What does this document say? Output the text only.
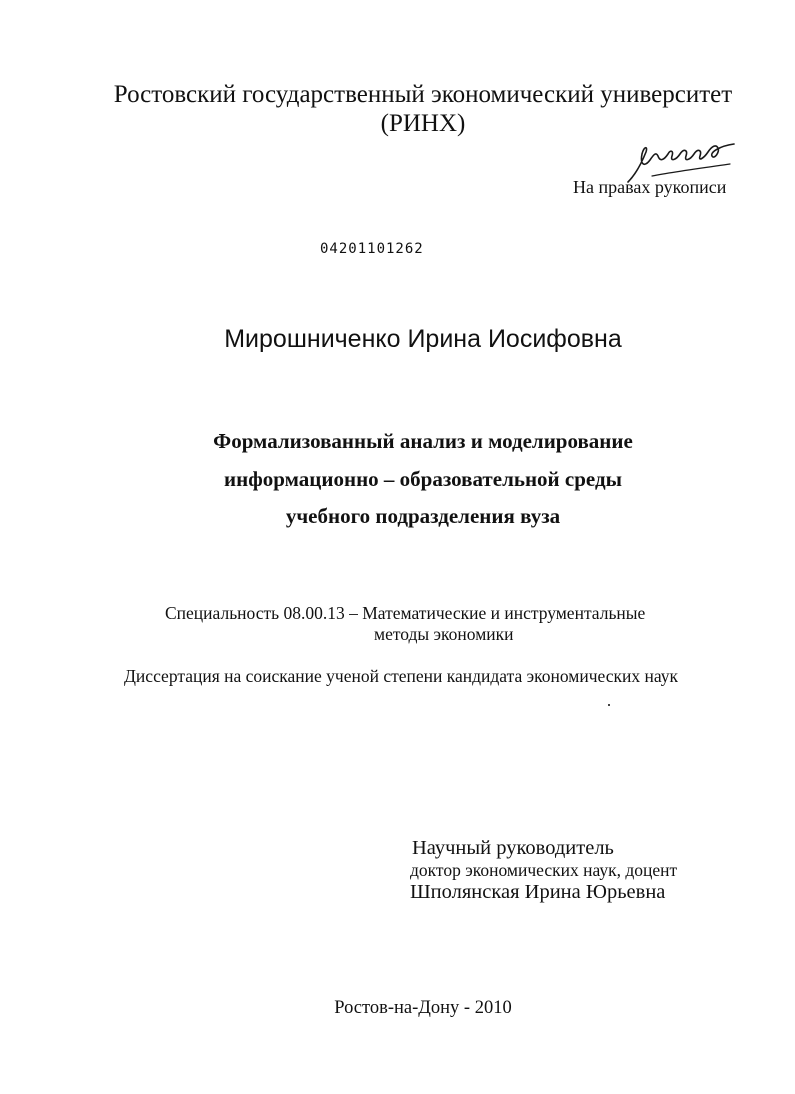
Ростовский государственный экономический университет
(РИНХ)
На правах рукописи
04201101262
Мирошниченко Ирина Иосифовна
Формализованный анализ и моделирование
информационно – образовательной среды
учебного подразделения вуза
Специальность 08.00.13 – Математические и инструментальные
методы экономики
Диссертация на соискание ученой степени кандидата экономических наук
Научный руководитель
доктор экономических наук, доцент
Шполянская Ирина Юрьевна
Ростов-на-Дону - 2010
